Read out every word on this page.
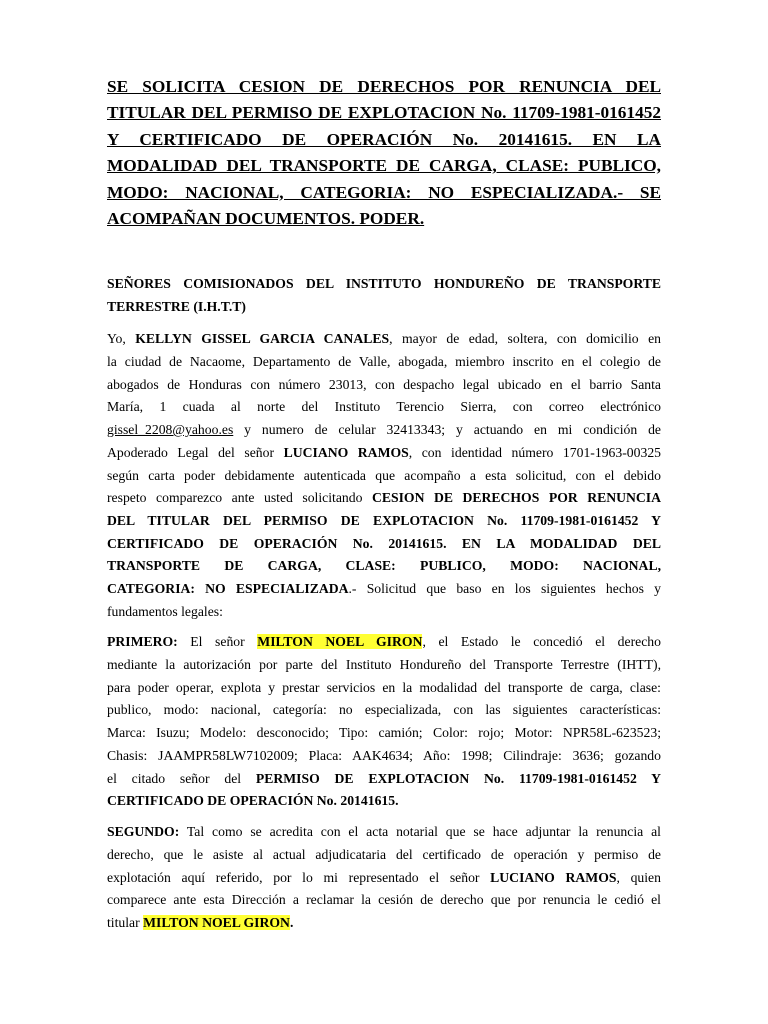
SE SOLICITA CESION DE DERECHOS POR RENUNCIA DEL TITULAR DEL PERMISO DE EXPLOTACION No. 11709-1981-0161452 Y CERTIFICADO DE OPERACIÓN No. 20141615. EN LA MODALIDAD DEL TRANSPORTE DE CARGA, CLASE: PUBLICO, MODO: NACIONAL, CATEGORIA: NO ESPECIALIZADA.- SE ACOMPAÑAN DOCUMENTOS. PODER.

SEÑORES COMISIONADOS DEL INSTITUTO HONDUREÑO DE TRANSPORTE

TERRESTRE (I.H.T.T)

Yo, KELLYN GISSEL GARCIA CANALES, mayor de edad, soltera, con domicilio en

la ciudad de Nacaome, Departamento de Valle, abogada, miembro inscrito en el colegio de

abogados de Honduras con número 23013, con despacho legal ubicado en el barrio Santa

María, 1 cuada al norte del Instituto Terencio Sierra, con correo electrónico

gissel_2208@yahoo.es y numero de celular 32413343; y actuando en mi condición de

Apoderado Legal del señor LUCIANO RAMOS, con identidad número 1701-1963-00325

según carta poder debidamente autenticada que acompaño a esta solicitud, con el debido

respeto comparezco ante usted solicitando CESION DE DERECHOS POR RENUNCIA

DEL TITULAR DEL PERMISO DE EXPLOTACION No. 11709-1981-0161452 Y

CERTIFICADO DE OPERACIÓN No. 20141615. EN LA MODALIDAD DEL

TRANSPORTE DE CARGA, CLASE: PUBLICO, MODO: NACIONAL,

CATEGORIA: NO ESPECIALIZADA.- Solicitud que baso en los siguientes hechos y

fundamentos legales:

PRIMERO: El señor MILTON NOEL GIRON, el Estado le concedió el derecho

mediante la autorización por parte del Instituto Hondureño del Transporte Terrestre (IHTT),

para poder operar, explota y prestar servicios en la modalidad del transporte de carga, clase:

publico, modo: nacional, categoría: no especializada, con las siguientes características:

Marca: Isuzu; Modelo: desconocido; Tipo: camión; Color: rojo; Motor: NPR58L-623523;

Chasis: JAAMPR58LW7102009; Placa: AAK4634; Año: 1998; Cilindraje: 3636; gozando

el citado señor del PERMISO DE EXPLOTACION No. 11709-1981-0161452 Y

CERTIFICADO DE OPERACIÓN No. 20141615.

SEGUNDO: Tal como se acredita con el acta notarial que se hace adjuntar la renuncia al

derecho, que le asiste al actual adjudicataria del certificado de operación y permiso de

explotación aquí referido, por lo mi representado el señor LUCIANO RAMOS, quien

comparece ante esta Dirección a reclamar la cesión de derecho que por renuncia le cedió el

titular MILTON NOEL GIRON.
